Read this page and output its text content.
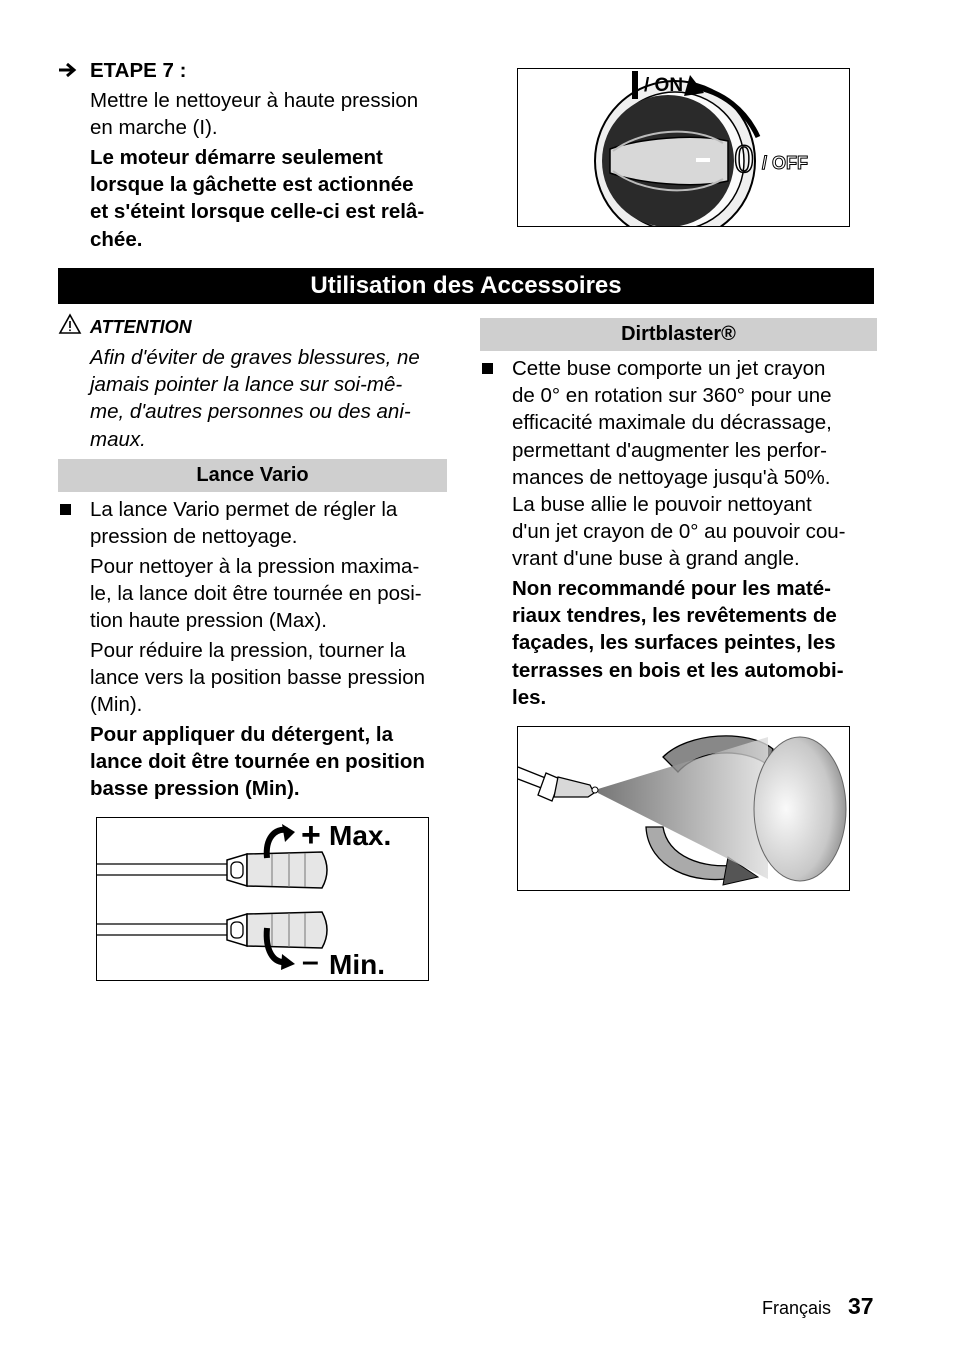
ETAPE 7 :
Mettre le nettoyeur à haute pression
en marche (I).
Le moteur démarre seulement
lorsque la gâchette est actionnée
et s'éteint lorsque celle-ci est relâ-
chée.
/ ON
0 / OFF
Utilisation des Accessoires
ATTENTION
Afin d'éviter de graves blessures, ne
jamais pointer la lance sur soi-mê-
me, d'autres personnes ou des ani-
maux.
Lance Vario
La lance Vario permet de régler la
pression de nettoyage.
Pour nettoyer à la pression maxima-
le, la lance doit être tournée en posi-
tion haute pression (Max).
Pour réduire la pression, tourner la
lance vers la position basse pression
(Min).
Pour appliquer du détergent, la
lance doit être tournée en position
basse pression (Min).
+ Max.
– Min.
Dirtblaster®
Cette buse comporte un jet crayon
de 0° en rotation sur 360° pour une
efficacité maximale du décrassage,
permettant d'augmenter les perfor-
mances de nettoyage jusqu'à 50%.
La buse allie le pouvoir nettoyant
d'un jet crayon de 0° au pouvoir cou-
vrant d'une buse à grand angle.
Non recommandé pour les maté-
riaux tendres, les revêtements de
façades, les surfaces peintes, les
terrasses en bois et les automobi-
les.
Français 37
